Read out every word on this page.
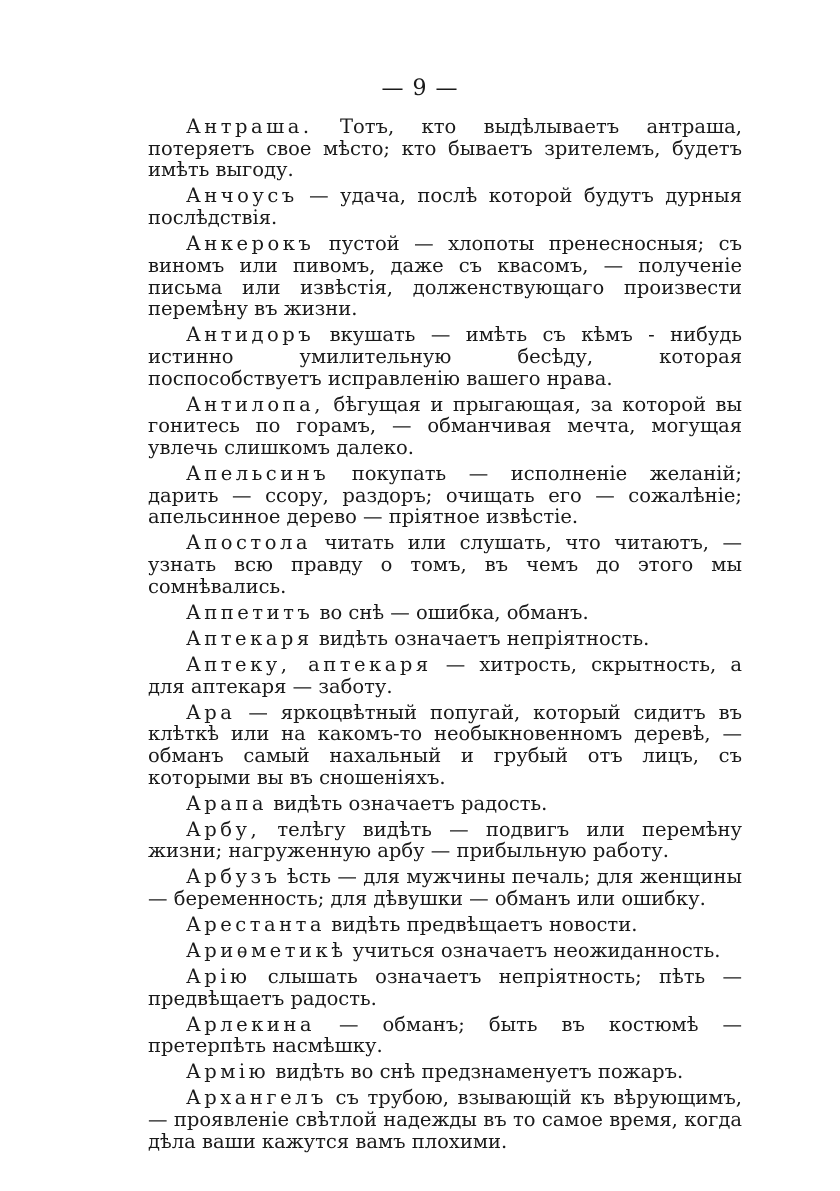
— 9 —

Антраша. Тотъ, кто выдѣлываетъ антраша, потеряетъ свое мѣсто; кто бываетъ зрителемъ, будетъ имѣть выгоду.

Анчоусъ — удача, послѣ которой будутъ дурныя послѣдствія.

Анкерокъ пустой — хлопоты пренесносныя; съ виномъ или пивомъ, даже съ квасомъ, — полученіе письма или извѣстія, долженствующаго произвести перемѣну въ жизни.

Антидоръ вкушать — имѣть съ кѣмъ - нибудь истинно умилительную бесѣду, которая поспособствуетъ исправленію вашего нрава.

Антилопа, бѣгущая и прыгающая, за которой вы гонитесь по горамъ, — обманчивая мечта, могущая увлечь слишкомъ далеко.

Апельсинъ покупать — исполненіе желаній; дарить — ссору, раздоръ; очищать его — сожалѣніе; апельсинное дерево — пріятное извѣстіе.

Апостола читать или слушать, что читаютъ, — узнать всю правду о томъ, въ чемъ до этого мы сомнѣвались.

Аппетитъ во снѣ — ошибка, обманъ.

Аптекаря видѣть означаетъ непріятность.

Аптеку, аптекаря — хитрость, скрытность, а для аптекаря — заботу.

Ара — яркоцвѣтный попугай, который сидитъ въ клѣткѣ или на какомъ-то необыкновенномъ деревѣ, — обманъ самый нахальный и грубый отъ лицъ, съ которыми вы въ сношеніяхъ.

Арапа видѣть означаетъ радость.

Арбу, телѣгу видѣть — подвигъ или перемѣну жизни; нагруженную арбу — прибыльную работу.

Арбузъ ѣсть — для мужчины печаль; для женщины — беременность; для дѣвушки — обманъ или ошибку.

Арестанта видѣть предвѣщаетъ новости.

Ариѳметикѣ учиться означаетъ неожиданность.

Арію слышать означаетъ непріятность; пѣть — предвѣщаетъ радость.

Арлекина — обманъ; быть въ костюмѣ — претерпѣть насмѣшку.

Армію видѣть во снѣ предзнаменуетъ пожаръ.

Архангелъ съ трубою, взывающій къ вѣрующимъ, — проявленіе свѣтлой надежды въ то самое время, когда дѣла ваши кажутся вамъ плохими.
